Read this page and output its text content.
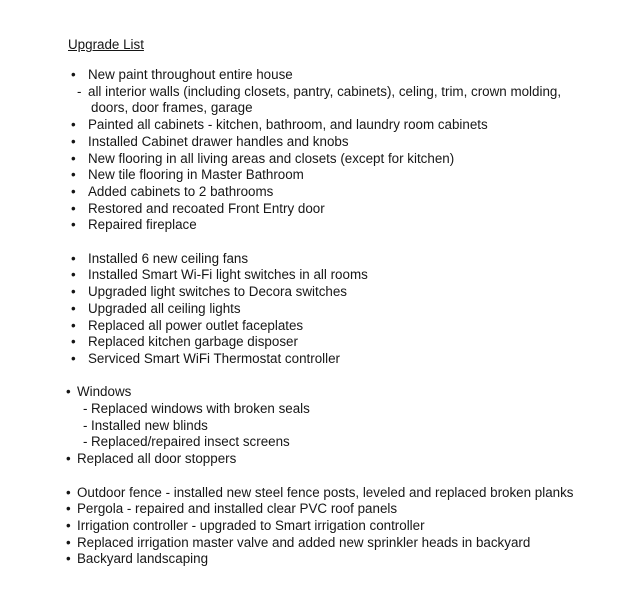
Upgrade List
• New paint throughout entire house
- all interior walls (including closets, pantry, cabinets), celing, trim, crown molding,
doors, door frames, garage
• Painted all cabinets - kitchen, bathroom, and laundry room cabinets
• Installed Cabinet drawer handles and knobs
• New flooring in all living areas and closets (except for kitchen)
• New tile flooring in Master Bathroom
• Added cabinets to 2 bathrooms
• Restored and recoated Front Entry door
• Repaired fireplace
• Installed 6 new ceiling fans
• Installed Smart Wi-Fi light switches in all rooms
• Upgraded light switches to Decora switches
• Upgraded all ceiling lights
• Replaced all power outlet faceplates
• Replaced kitchen garbage disposer
• Serviced Smart WiFi Thermostat controller
• Windows
- Replaced windows with broken seals
- Installed new blinds
- Replaced/repaired insect screens
• Replaced all door stoppers
• Outdoor fence - installed new steel fence posts, leveled and replaced broken planks
• Pergola - repaired and installed clear PVC roof panels
• Irrigation controller - upgraded to Smart irrigation controller
• Replaced irrigation master valve and added new sprinkler heads in backyard
• Backyard landscaping
